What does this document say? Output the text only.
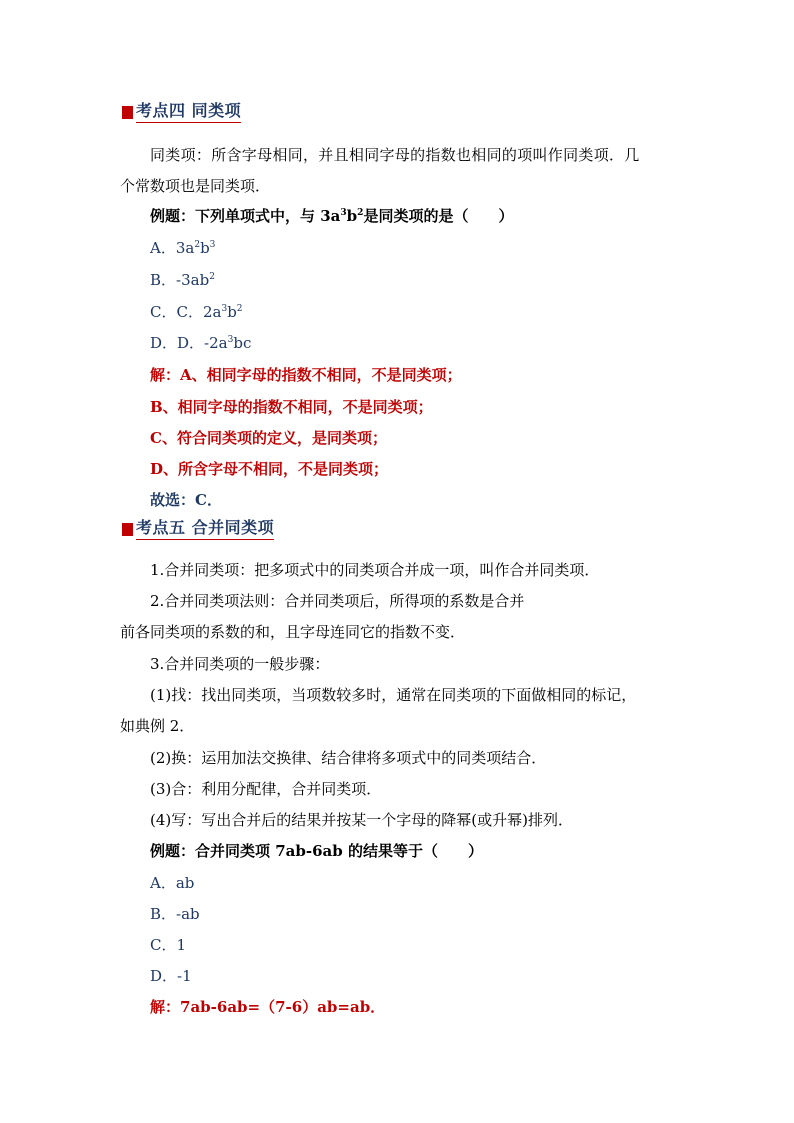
考点四 同类项
同类项：所含字母相同，并且相同字母的指数也相同的项叫作同类项．几
个常数项也是同类项．
例题：下列单项式中，与 $3a^3b^2$是同类项的是（　　）
A．$3a^2b^3$
B．$-3ab^2$
C．C．$2a^3b^2$
D．D．$-2a^3bc$
解：A、相同字母的指数不相同，不是同类项；
B、相同字母的指数不相同，不是同类项；
C、符合同类项的定义，是同类项；
D、所含字母不相同，不是同类项；
故选：C．
考点五 合并同类项
1.合并同类项：把多项式中的同类项合并成一项，叫作合并同类项．
2.合并同类项法则：合并同类项后，所得项的系数是合并
前各同类项的系数的和，且字母连同它的指数不变．
3.合并同类项的一般步骤：
(1)找：找出同类项，当项数较多时，通常在同类项的下面做相同的标记，
如典例 2．
(2)换：运用加法交换律、结合律将多项式中的同类项结合．
(3)合：利用分配律，合并同类项．
(4)写：写出合并后的结果并按某一个字母的降幂(或升幂)排列．
例题：合并同类项 7ab-6ab 的结果等于（　　）
A．ab
B．-ab
C．1
D．-1
解：7ab-6ab=（7-6）ab=ab．
